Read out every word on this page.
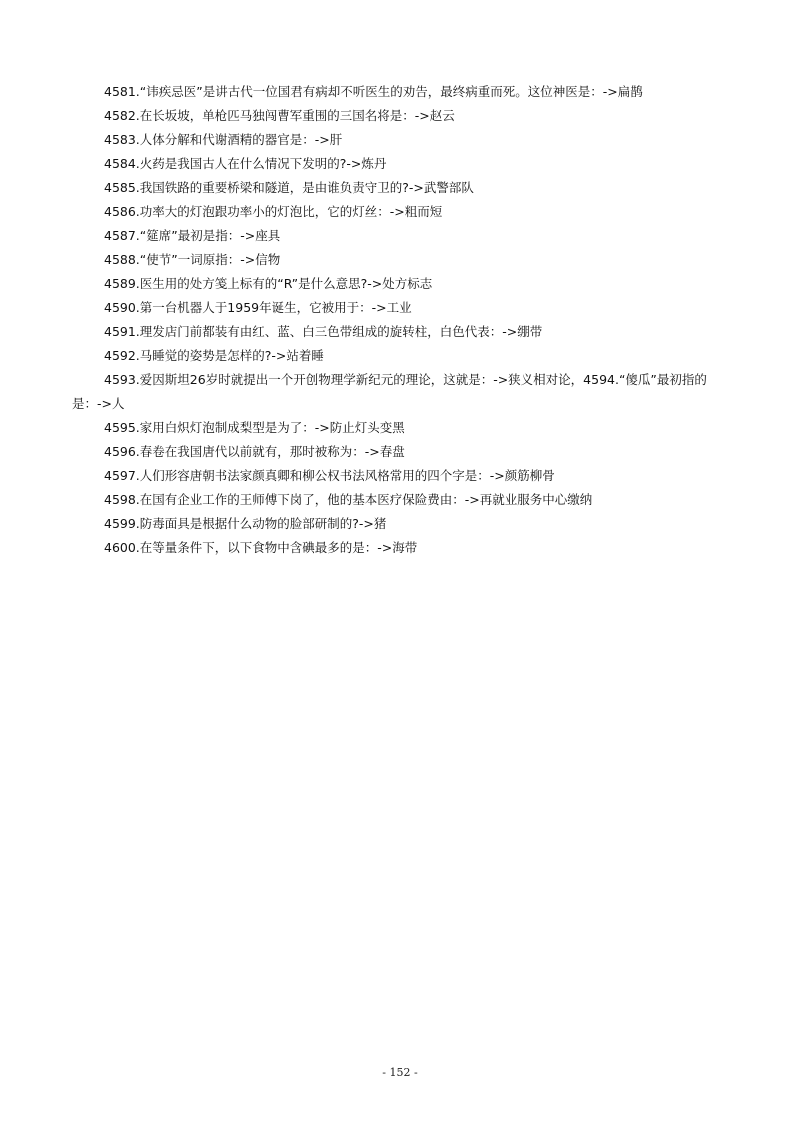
4581.“讳疾忌医”是讲古代一位国君有病却不听医生的劝告，最终病重而死。这位神医是：->扁鹊

4582.在长坂坡，单枪匹马独闯曹军重围的三国名将是：->赵云

4583.人体分解和代谢酒精的器官是：->肝

4584.火药是我国古人在什么情况下发明的?->炼丹

4585.我国铁路的重要桥梁和隧道，是由谁负责守卫的?->武警部队

4586.功率大的灯泡跟功率小的灯泡比，它的灯丝：->粗而短

4587.“筵席”最初是指：->座具

4588.“使节”一词原指：->信物

4589.医生用的处方笺上标有的“R”是什么意思?->处方标志

4590.第一台机器人于1959年诞生，它被用于：->工业

4591.理发店门前都装有由红、蓝、白三色带组成的旋转柱，白色代表：->绷带

4592.马睡觉的姿势是怎样的?->站着睡

4593.爱因斯坦26岁时就提出一个开创物理学新纪元的理论，这就是：->狭义相对论，4594.“傻瓜”最初指的是：->人

4595.家用白炽灯泡制成梨型是为了：->防止灯头变黑

4596.春卷在我国唐代以前就有，那时被称为：->春盘

4597.人们形容唐朝书法家颜真卿和柳公权书法风格常用的四个字是：->颜筋柳骨

4598.在国有企业工作的王师傅下岗了，他的基本医疗保险费由：->再就业服务中心缴纳

4599.防毒面具是根据什么动物的脸部研制的?->猪

4600.在等量条件下，以下食物中含碘最多的是：->海带

- 152 -
